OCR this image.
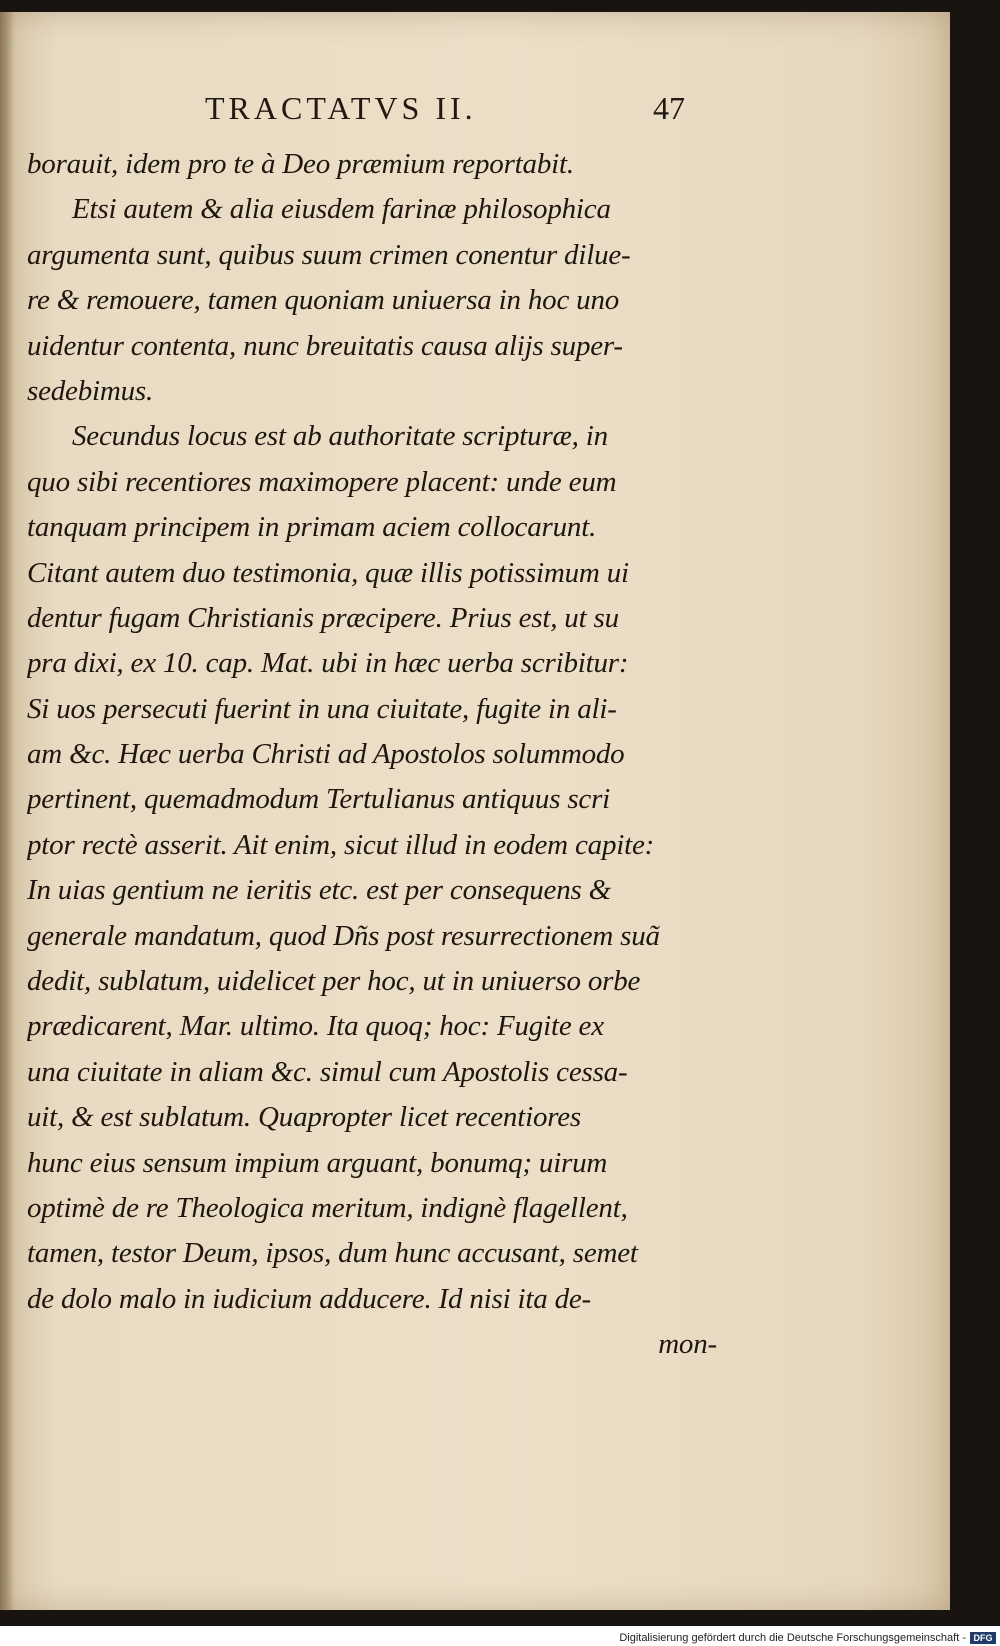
TRACTATVS II.	47
borauit, idem pro te à Deo præmium reportabit.
Etsi autem & alia eiusdem farinæ philosophica
argumenta sunt, quibus suum crimen conentur dilue-
re & remouere, tamen quoniam uniuersa in hoc uno
uidentur contenta, nunc breuitatis causa alijs super-
sedebimus.
Secundus locus est ab authoritate scripturæ, in
quo sibi recentiores maximopere placent: unde eum
tanquam principem in primam aciem collocarunt.
Citant autem duo testimonia, quæ illis potissimum ui
dentur fugam Christianis præcipere. Prius est, ut su
pra dixi, ex 10. cap. Mat. ubi in hæc uerba scribitur:
Si uos persecuti fuerint in una ciuitate, fugite in ali-
am &c. Hæc uerba Christi ad Apostolos solummodo
pertinent, quemadmodum Tertulianus antiquus scri
ptor rectè asserit. Ait enim, sicut illud in eodem capite:
In uias gentium ne ieritis etc. est per consequens &
generale mandatum, quod Dñs post resurrectionem suã
dedit, sublatum, uidelicet per hoc, ut in uniuerso orbe
prædicarent, Mar. ultimo. Ita quoq; hoc: Fugite ex
una ciuitate in aliam &c. simul cum Apostolis cessa-
uit, & est sublatum. Quapropter licet recentiores
hunc eius sensum impium arguant, bonumq; uirum
optimè de re Theologica meritum, indignè flagellent,
tamen, testor Deum, ipsos, dum hunc accusant, semet
de dolo malo in iudicium adducere. Id nisi ita de-
mon-
Digitalisierung gefördert durch die Deutsche Forschungsgemeinschaft - DFG
